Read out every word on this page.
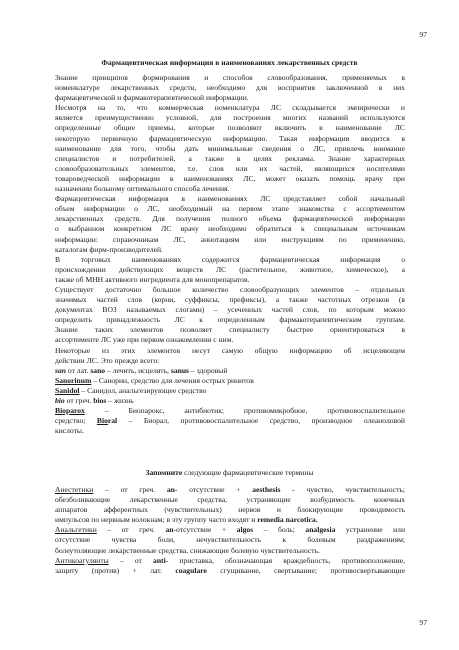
97
Фармацевтическая информация в наименованиях лекарственных средств
Знание принципов формирования и способов словообразования, применяемых в
номенклатуре лекарственных средств, необходимо для восприятия заключенной в них
фармацевтической и фармакотерапевтической информации.
Несмотря на то, что коммерческая номенклатура ЛС складывается эмпирически и
является преимущественно условной, для построения многих названий используются
определенные общие приемы, которые позволяют включить в наименование ЛС
некоторую первичную фармацевтическую информацию. Такая информация вводится в
наименование для того, чтобы дать минимальные сведения о ЛС, привлечь внимание
специалистов и потребителей, а также в целях рекламы. Знание характерных
словообразовательных элементов, т.е. слов или их частей, являющихся носителями
товароведческой информации в наименованиях ЛС, может оказать помощь врачу при
назначении больному оптимального способа лечения.
Фармацевтическая информация в наименованиях ЛС представляет собой начальный
объем информации о ЛС, необходимый на первом этапе знакомства с ассортиментом
лекарственных средств. Для получения полного объема фармацевтической информации
о выбранном конкретном ЛС врачу необходимо обратиться к специальным источникам
информации: справочникам ЛС, аннотациям или инструкциям по применению,
каталогам фирм-производителей.
В торговых наименованиях содержится фармацевтическая информация о
происхождении действующих веществ ЛС (растительное, животное, химическое), а
также об МНН активного ингредиента для монопрепаратов.
Существует достаточно большое количество словообразующих элементов – отдельных
значимых частей слов (корни, суффиксы, префиксы), а также частотных отрезков (в
документах ВОЗ называемых слогами) – усеченных частей слов, по которым можно
определить принадлежность ЛС к определенным фармакотерапевтическим группам.
Знание таких элементов позволяет специалисту быстрее ориентироваться в
ассортименте ЛС уже при первом ознакомлении с ним.
Некоторые из этих элементов несут самую общую информацию об исцеляющем
действии ЛС. Это прежде всего:
san от лат. sano – лечить, исцелять, sanus – здоровый
Sanorinum – Санорин, средство для лечения острых ринитов
Sanidol – Санидол, анальгезирующее средство
bio от греч. bios – жизнь
Bioparox – Биопарокс, антибиотик; противомикробное, противовоспалительное
средство; Bioral – Биорал, противовоспалительное средство, производное олеаноловой
кислоты.
Запомните следующие фармацевтические термины
Анестетики – от греч. an- отсутствие + aesthesis - чувство, чувствительность;
обезболивающие лекарственные средства, устраняющие возбудимость конечных
аппаратов афферентных (чувствительных) нервов и блокирующие проводимость
импульсов по нервным волокнам; в эту группу часто входят и remedia narcotica.
Анальгетики – от греч. an-отсутствие + algos – боль; analgesia устранение или
отсутствие чувства боли, нечувствительность к болевым раздражениям;
болеутоляющие лекарственные средства, снижающие болевую чувствительность.
Антикоагулянты – от anti- приставка, обозначающая враждебность, противоположение,
защиту (против) + лат. coagulare сгущивание, свертывание; противосвертывающие
97
